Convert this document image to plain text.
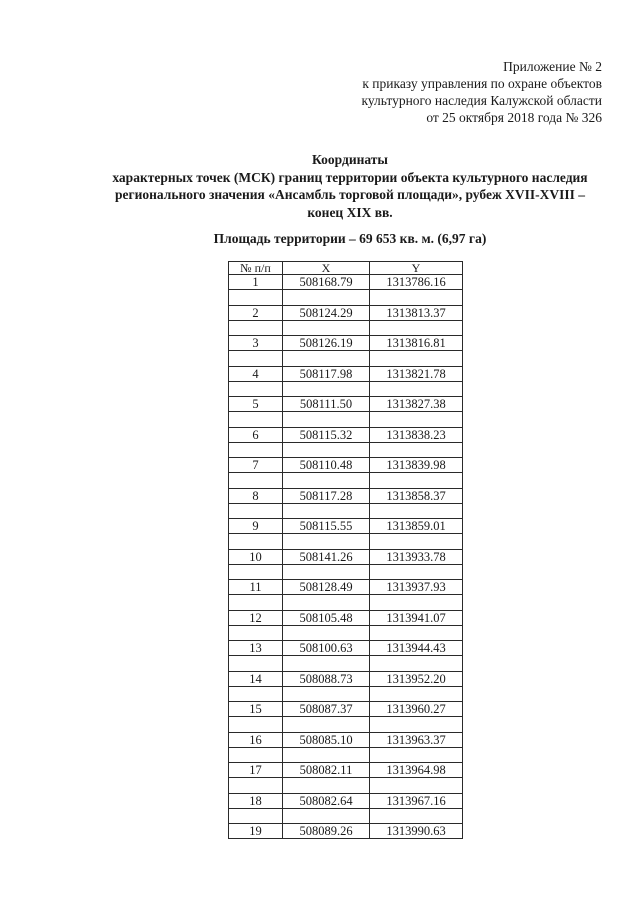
Приложение № 2
к приказу управления по охране объектов
культурного наследия Калужской области
от 25 октября 2018 года № 326
Координаты
характерных точек (МСК) границ территории объекта культурного наследия
регионального значения «Ансамбль торговой площади», рубеж XVII-XVIII –
конец XIX вв.
Площадь территории – 69 653 кв. м. (6,97 га)
№ п/п	X	Y
1	508168.79	1313786.16

2	508124.29	1313813.37

3	508126.19	1313816.81

4	508117.98	1313821.78

5	508111.50	1313827.38

6	508115.32	1313838.23

7	508110.48	1313839.98

8	508117.28	1313858.37

9	508115.55	1313859.01

10	508141.26	1313933.78

11	508128.49	1313937.93

12	508105.48	1313941.07

13	508100.63	1313944.43

14	508088.73	1313952.20

15	508087.37	1313960.27

16	508085.10	1313963.37

17	508082.11	1313964.98

18	508082.64	1313967.16

19	508089.26	1313990.63
